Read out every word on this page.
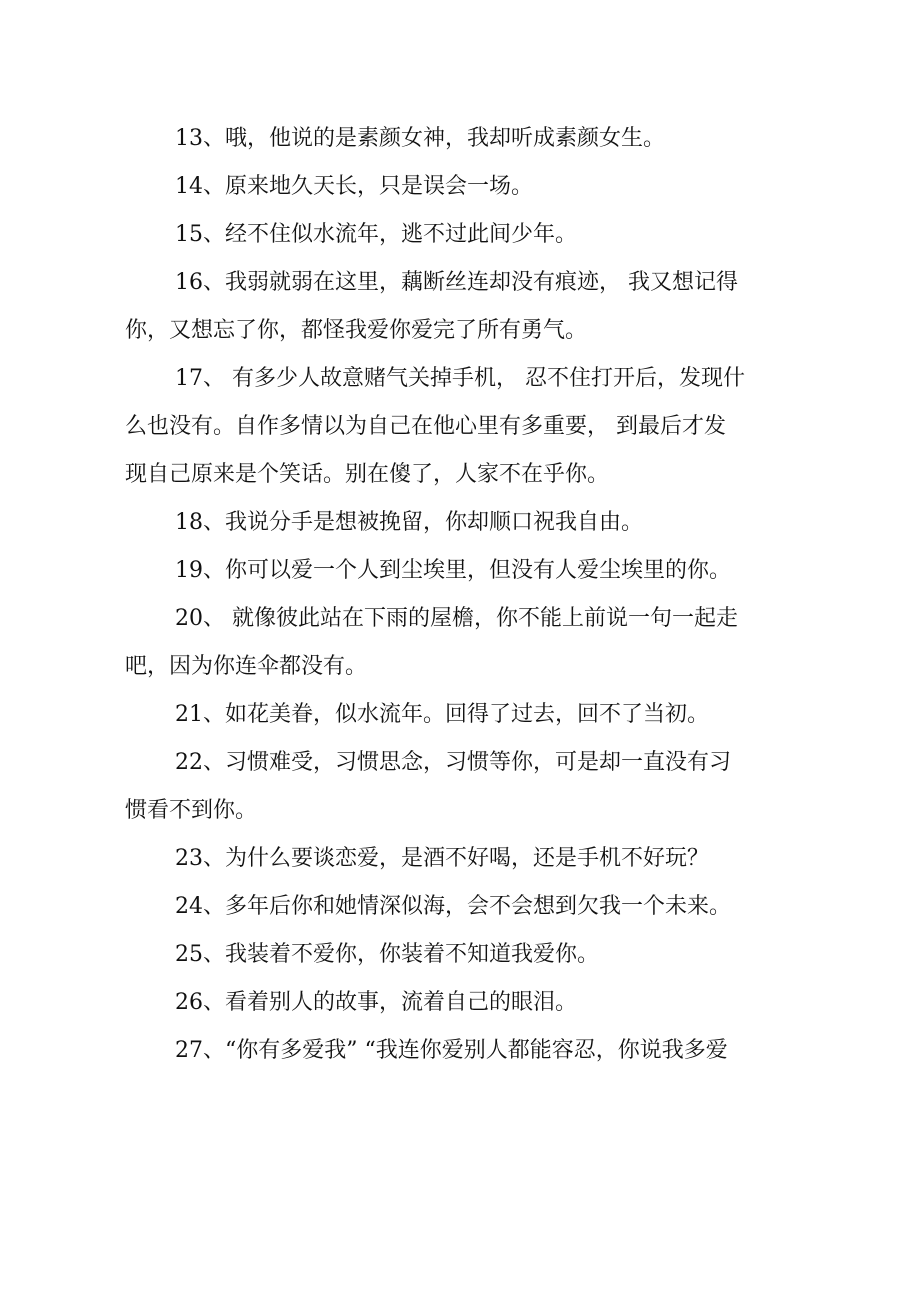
13、哦，他说的是素颜女神，我却听成素颜女生。
14、原来地久天长，只是误会一场。
15、经不住似水流年，逃不过此间少年。
16、我弱就弱在这里，藕断丝连却没有痕迹， 我又想记得
你，又想忘了你，都怪我爱你爱完了所有勇气。
17、 有多少人故意赌气关掉手机， 忍不住打开后，发现什
么也没有。自作多情以为自己在他心里有多重要， 到最后才发
现自己原来是个笑话。别在傻了，人家不在乎你。
18、我说分手是想被挽留，你却顺口祝我自由。
19、你可以爱一个人到尘埃里，但没有人爱尘埃里的你。
20、 就像彼此站在下雨的屋檐，你不能上前说一句一起走
吧，因为你连伞都没有。
21、如花美眷，似水流年。回得了过去，回不了当初。
22、习惯难受，习惯思念，习惯等你，可是却一直没有习
惯看不到你。
23、为什么要谈恋爱，是酒不好喝，还是手机不好玩？
24、多年后你和她情深似海，会不会想到欠我一个未来。
25、我装着不爱你，你装着不知道我爱你。
26、看着别人的故事，流着自己的眼泪。
27、“你有多爱我” “我连你爱别人都能容忍，你说我多爱
